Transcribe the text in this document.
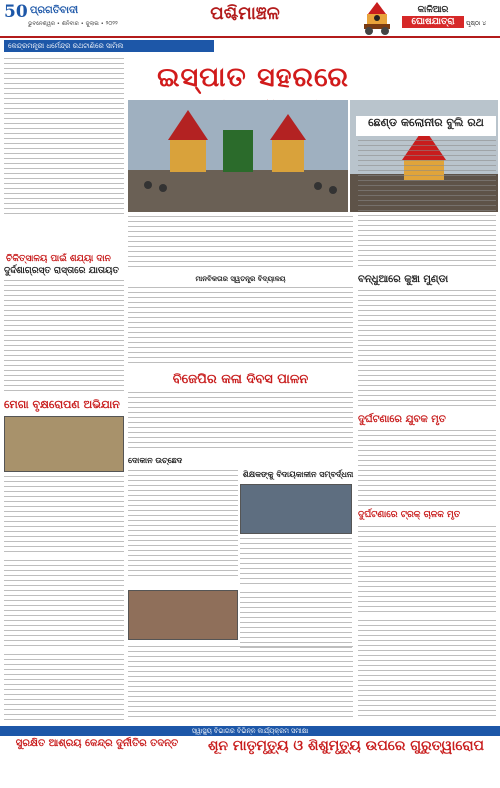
50 ପ୍ରଗତିବାଦୀ
ଭୁବନେଶ୍ୱର • ଶନିବାର • ଜୁଲାଇ • ୨୦୨୨	ପଶ୍ଚିମାଞ୍ଚଳ	କାଳିଆର
ଘୋଷଯାତ୍ରା	ପୃଷ୍ଠା ୪
କେନ୍ଦ୍ରମନ୍ତ୍ରୀ ଧର୍ମେନ୍ଦ୍ର ରଥଟାଣିରେ ସାମିଲ
ଇସ୍ପାତ ସହରରେ
ଛେଣ୍ଡ କଲୋନୀର ବୁଲି ରଥ
ଚିକିତ୍ସାଳୟ ପାଇଁ ଶଯ୍ୟା ଦାନ
ଦୁର୍ଦ୍ଦଶାଗ୍ରସ୍ତ ରାସ୍ତାରେ ଯାତାୟତ
ମାନବିକତାର ସ୍ୱତନ୍ତ୍ର ବିଦ୍ୟାଳୟ
ବିଜେପିର କଳା ଦିବସ ପାଳନ
ବନ୍ଧୁଆରେ କୁଞ୍ଚା ମୁଣ୍ଡା
ମେଗା ବୃକ୍ଷରୋପଣ ଅଭିଯାନ
ଦୋକାନ ଉଚ୍ଛେଦ
ଶିକ୍ଷକଙ୍କୁ ବିଦାୟକାଳୀନ ସମ୍ବର୍ଦ୍ଧନା
ଦୁର୍ଘଟଣାରେ ଯୁବକ ମୃତ
ଦୁର୍ଘଟଣାରେ ଟ୍ରକ୍ ଚାଳକ ମୃତ
ସ୍ୱାସ୍ଥ୍ୟ ବିଭାଗର ବିଭିନ୍ନ କାର୍ଯ୍ୟକ୍ରମ ସମୀକ୍ଷା
ସୁରକ୍ଷିତ ଆଶ୍ରୟ କେନ୍ଦ୍ର ଦୁର୍ନୀତିର ତଦନ୍ତ	ଶୂନ ମାତୃମୃତ୍ୟୁ ଓ ଶିଶୁମୃତ୍ୟୁ ଉପରେ ଗୁରୁତ୍ୱାରୋପ
